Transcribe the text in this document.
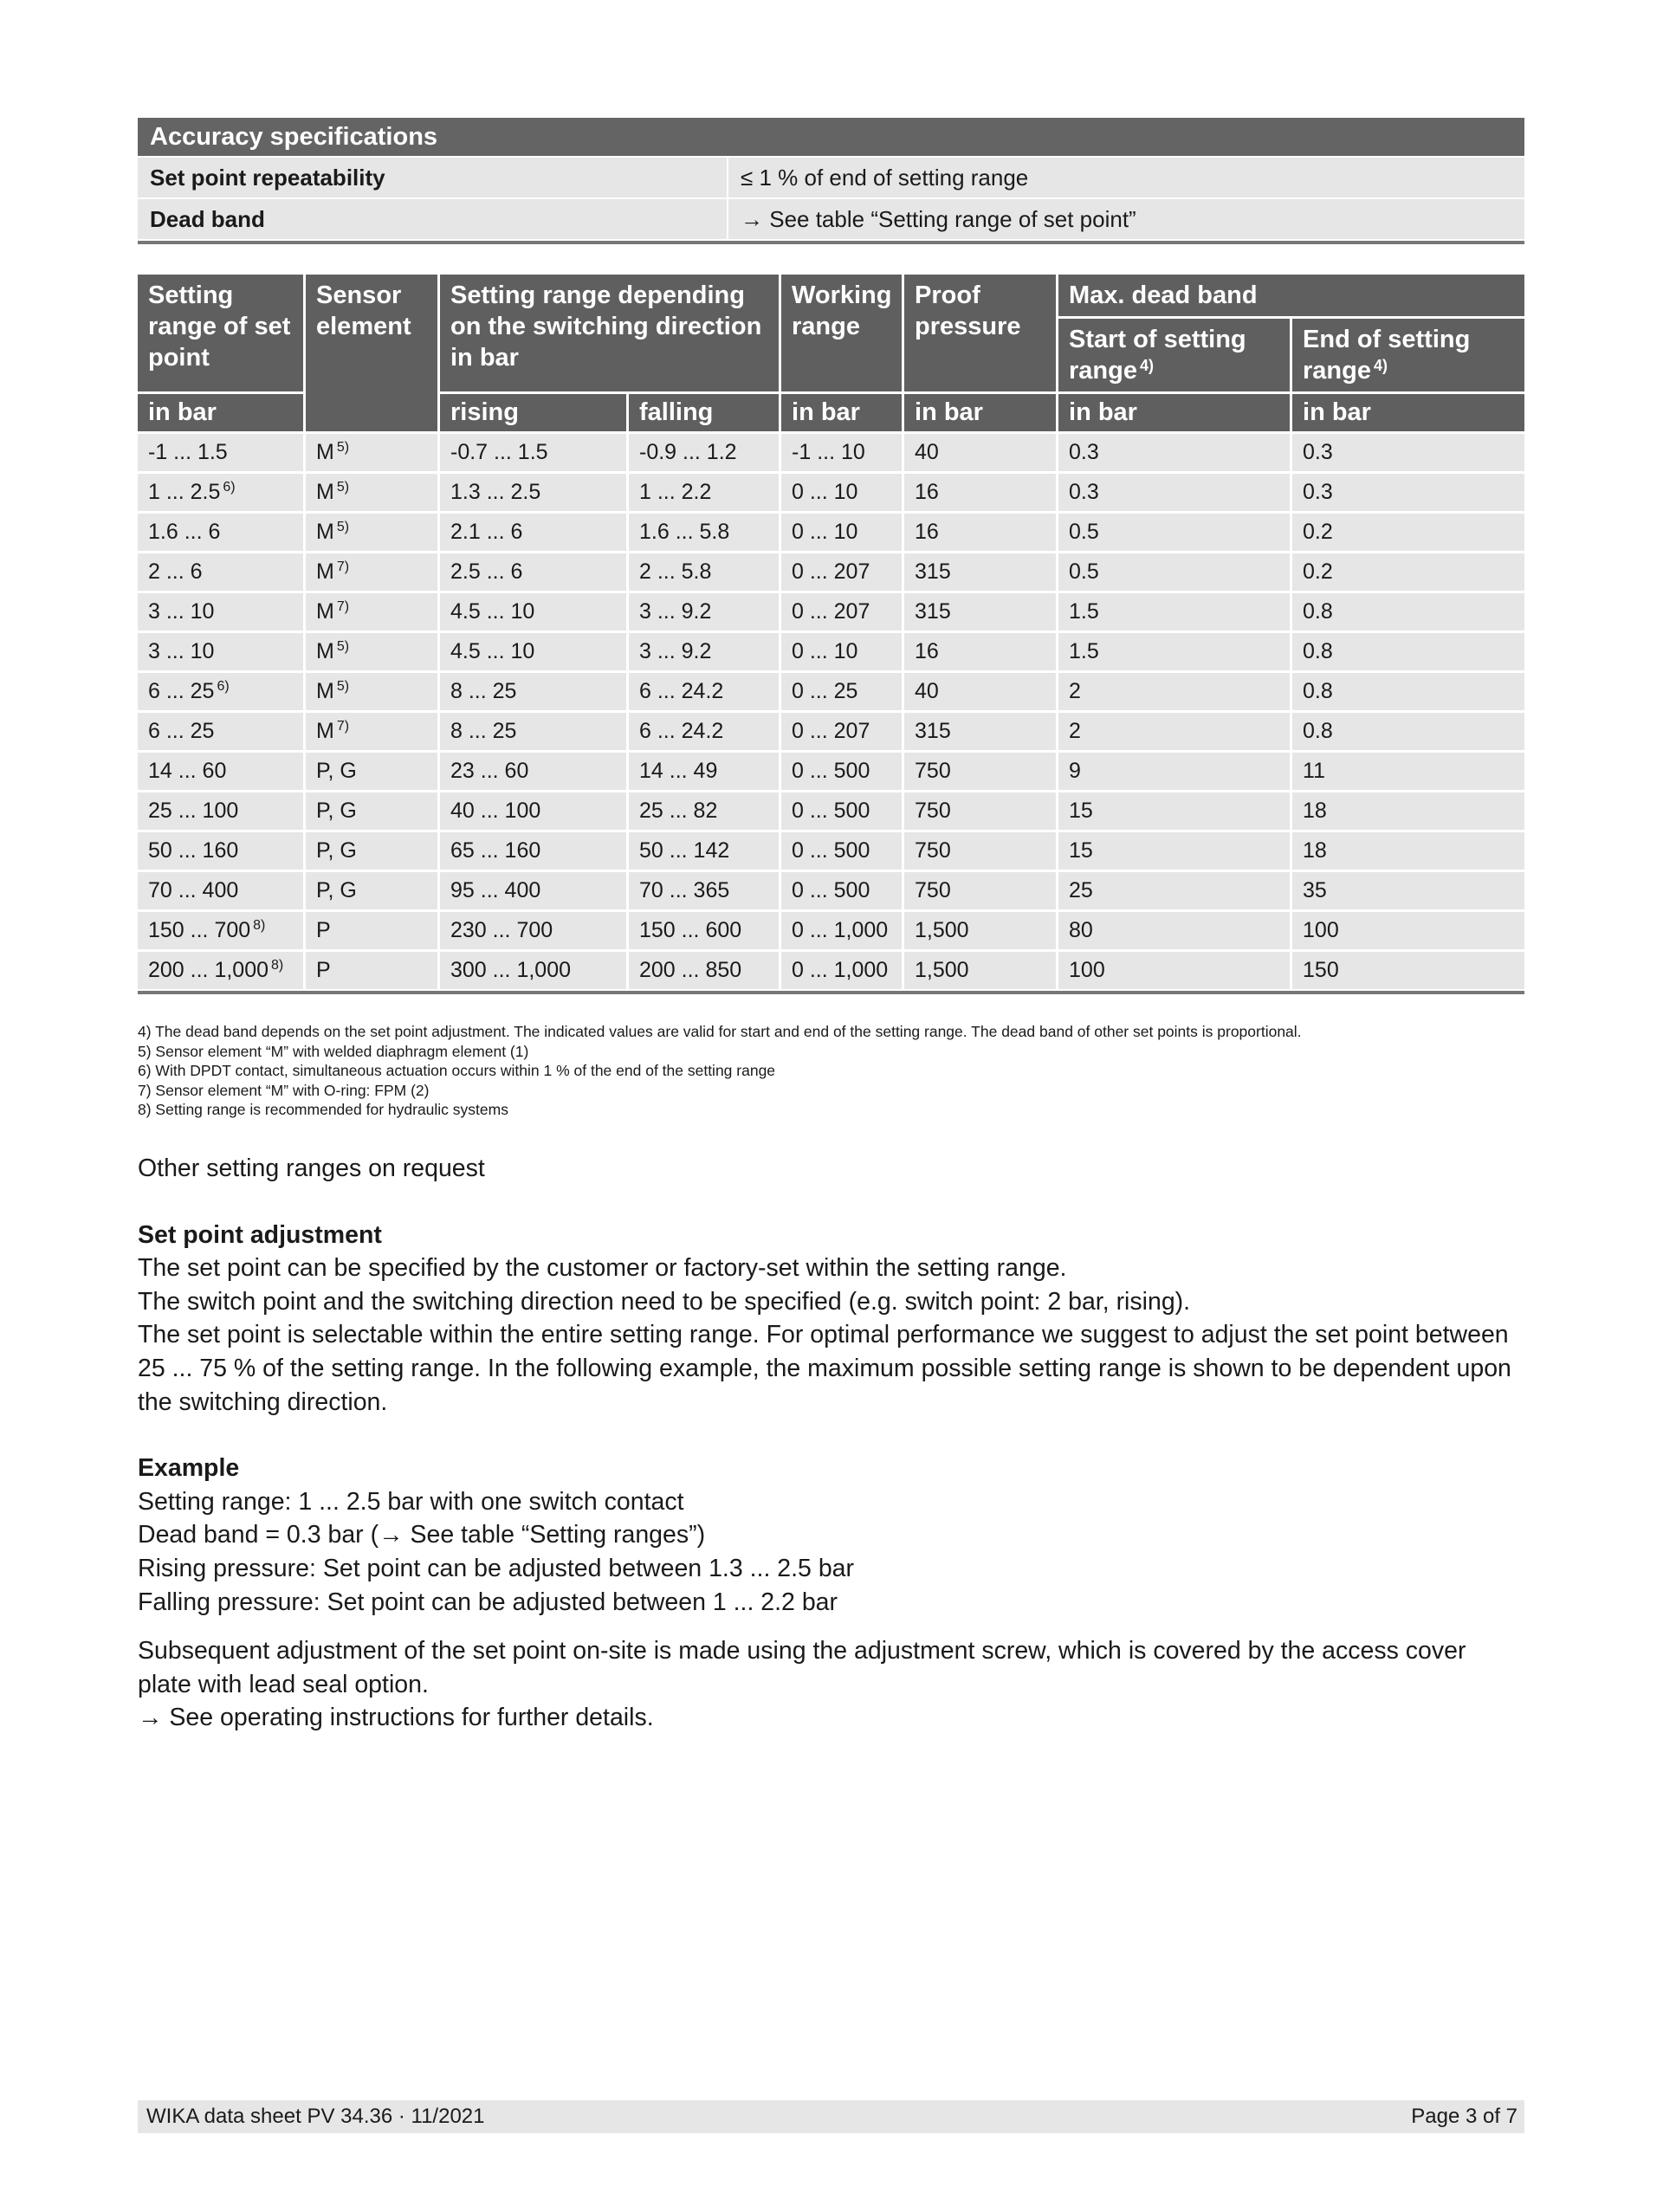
Accuracy specifications
Set point repeatability	≤ 1 % of end of setting range
Dead band	→ See table “Setting range of set point”
Setting range of set point	Sensor element	Setting range depending on the switching direction in bar		Working range	Proof pressure	Max. dead band	
						Start of setting range $^{4)}$	End of setting range $^{4)}$
in bar		rising	falling	in bar	in bar	in bar	in bar
-1 ... 1.5	M $^{5)}$	-0.7 ... 1.5	-0.9 ... 1.2	-1 ... 10	40	0.3	0.3
1 ... 2.5 $^{6)}$	M $^{5)}$	1.3 ... 2.5	1 ... 2.2	0 ... 10	16	0.3	0.3
1.6 ... 6	M $^{5)}$	2.1 ... 6	1.6 ... 5.8	0 ... 10	16	0.5	0.2
2 ... 6	M $^{7)}$	2.5 ... 6	2 ... 5.8	0 ... 207	315	0.5	0.2
3 ... 10	M $^{7)}$	4.5 ... 10	3 ... 9.2	0 ... 207	315	1.5	0.8
3 ... 10	M $^{5)}$	4.5 ... 10	3 ... 9.2	0 ... 10	16	1.5	0.8
6 ... 25 $^{6)}$	M $^{5)}$	8 ... 25	6 ... 24.2	0 ... 25	40	2	0.8
6 ... 25	M $^{7)}$	8 ... 25	6 ... 24.2	0 ... 207	315	2	0.8
14 ... 60	P, G	23 ... 60	14 ... 49	0 ... 500	750	9	11
25 ... 100	P, G	40 ... 100	25 ... 82	0 ... 500	750	15	18
50 ... 160	P, G	65 ... 160	50 ... 142	0 ... 500	750	15	18
70 ... 400	P, G	95 ... 400	70 ... 365	0 ... 500	750	25	35
150 ... 700 $^{8)}$	P	230 ... 700	150 ... 600	0 ... 1,000	1,500	80	100
200 ... 1,000 $^{8)}$	P	300 ... 1,000	200 ... 850	0 ... 1,000	1,500	100	150
4) The dead band depends on the set point adjustment. The indicated values are valid for start and end of the setting range. The dead band of other set points is proportional.
5) Sensor element “M” with welded diaphragm element (1)
6) With DPDT contact, simultaneous actuation occurs within 1 % of the end of the setting range
7) Sensor element “M” with O-ring: FPM (2)
8) Setting range is recommended for hydraulic systems

Other setting ranges on request

Set point adjustment

The set point can be specified by the customer or factory-set within the setting range.

The switch point and the switching direction need to be specified (e.g. switch point: 2 bar, rising).

The set point is selectable within the entire setting range. For optimal performance we suggest to adjust the set point between 25 ... 75 % of the setting range. In the following example, the maximum possible setting range is shown to be dependent upon the switching direction.

Example

Setting range: 1 ... 2.5 bar with one switch contact

Dead band = 0.3 bar (→ See table “Setting ranges”)

Rising pressure: Set point can be adjusted between 1.3 ... 2.5 bar

Falling pressure: Set point can be adjusted between 1 ... 2.2 bar

Subsequent adjustment of the set point on-site is made using the adjustment screw, which is covered by the access cover plate with lead seal option.

→ See operating instructions for further details.

WIKA data sheet PV 34.36 · 11/2021	Page 3 of 7
